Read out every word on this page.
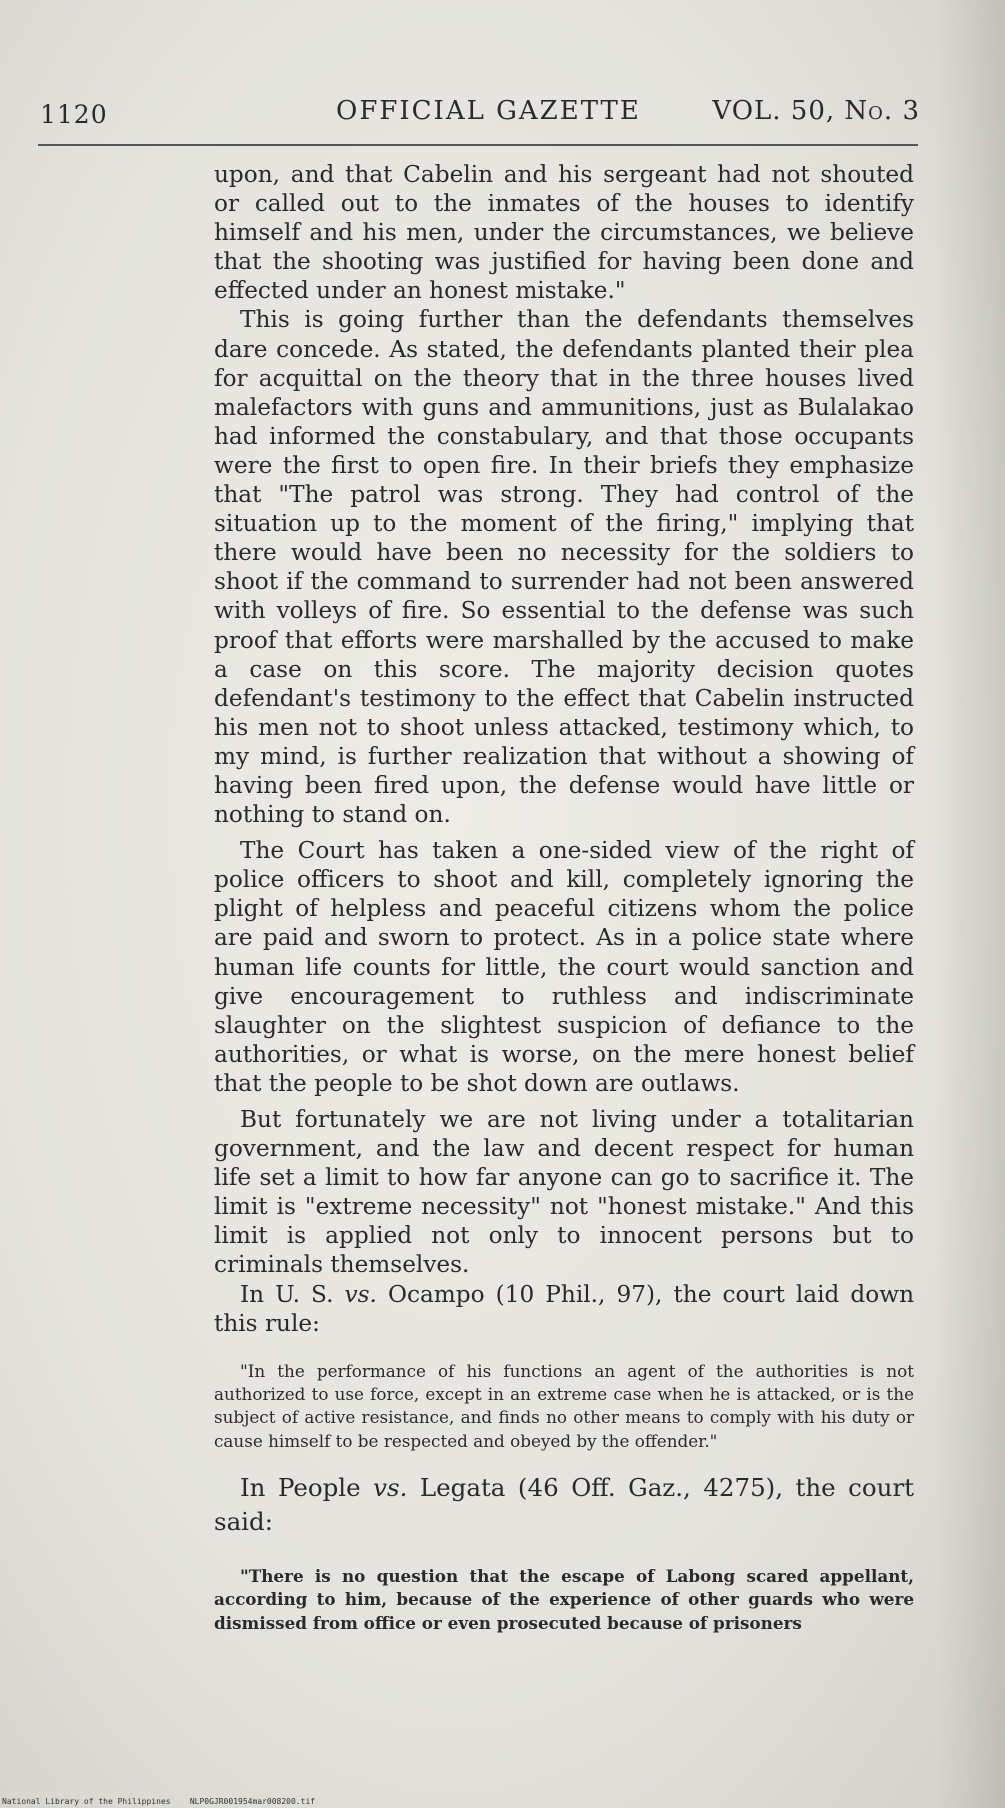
1120	OFFICIAL GAZETTE	VOL. 50, No. 3

upon, and that Cabelin and his sergeant had not shouted or called out to the inmates of the houses to identify himself and his men, under the circumstances, we believe that the shooting was justified for having been done and effected under an honest mistake."

This is going further than the defendants themselves dare concede. As stated, the defendants planted their plea for acquittal on the theory that in the three houses lived malefactors with guns and ammunitions, just as Bulalakao had informed the constabulary, and that those occupants were the first to open fire. In their briefs they emphasize that "The patrol was strong. They had control of the situation up to the moment of the firing," implying that there would have been no necessity for the soldiers to shoot if the command to surrender had not been answered with volleys of fire. So essential to the defense was such proof that efforts were marshalled by the accused to make a case on this score. The majority decision quotes defendant's testimony to the effect that Cabelin instructed his men not to shoot unless attacked, testimony which, to my mind, is further realization that without a showing of having been fired upon, the defense would have little or nothing to stand on.

The Court has taken a one-sided view of the right of police officers to shoot and kill, completely ignoring the plight of helpless and peaceful citizens whom the police are paid and sworn to protect. As in a police state where human life counts for little, the court would sanction and give encouragement to ruthless and indiscriminate slaughter on the slightest suspicion of defiance to the authorities, or what is worse, on the mere honest belief that the people to be shot down are outlaws.

But fortunately we are not living under a totalitarian government, and the law and decent respect for human life set a limit to how far anyone can go to sacrifice it. The limit is "extreme necessity" not "honest mistake." And this limit is applied not only to innocent persons but to criminals themselves.

In U. S. vs. Ocampo (10 Phil., 97), the court laid down this rule:

"In the performance of his functions an agent of the authorities is not authorized to use force, except in an extreme case when he is attacked, or is the subject of active resistance, and finds no other means to comply with his duty or cause himself to be respected and obeyed by the offender."

In People vs. Legata (46 Off. Gaz., 4275), the court said:

"There is no question that the escape of Labong scared appellant, according to him, because of the experience of other guards who were dismissed from office or even prosecuted because of prisoners

National Library of the Philippines NLP0GJR001954mar008200.tif
